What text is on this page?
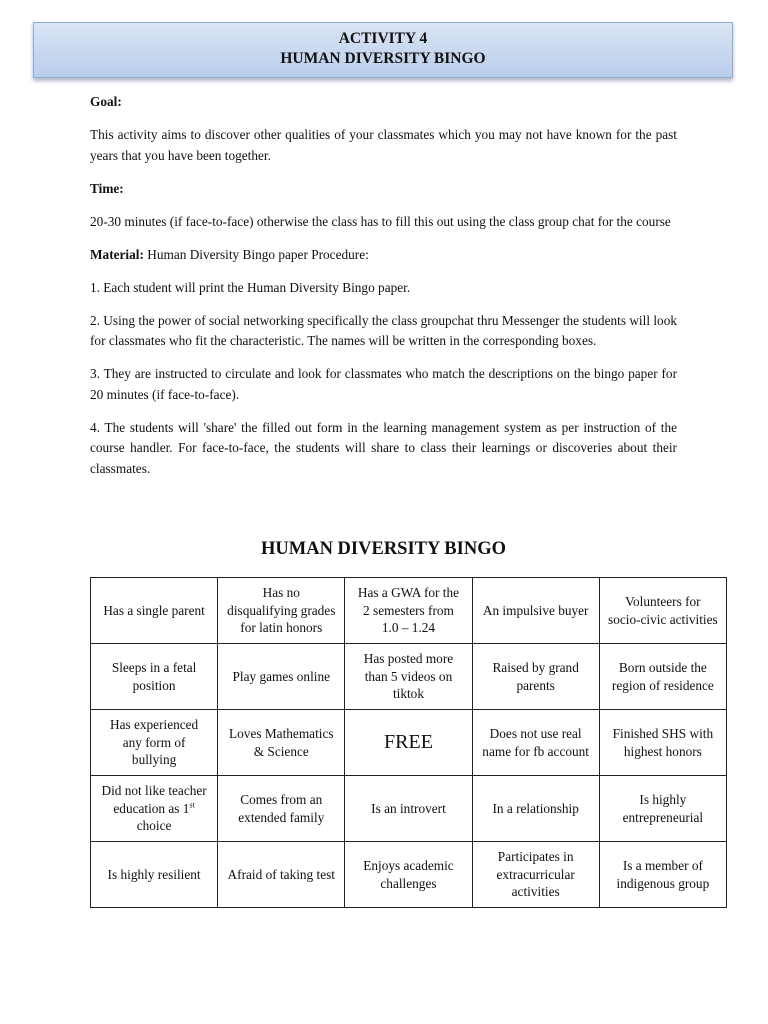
ACTIVITY 4
HUMAN DIVERSITY BINGO

Goal:

This activity aims to discover other qualities of your classmates which you may not have known for the past years that you have been together.

Time:

20-30 minutes (if face-to-face) otherwise the class has to fill this out using the class group chat for the course

Material: Human Diversity Bingo paper Procedure:

1. Each student will print the Human Diversity Bingo paper.

2. Using the power of social networking specifically the class groupchat thru Messenger the students will look for classmates who fit the characteristic. The names will be written in the corresponding boxes.

3. They are instructed to circulate and look for classmates who match the descriptions on the bingo paper for 20 minutes (if face-to-face).

4. The students will 'share' the filled out form in the learning management system as per instruction of the course handler. For face-to-face, the students will share to class their learnings or discoveries about their classmates.

HUMAN DIVERSITY BINGO
Has a single parent	Has no disqualifying grades for latin honors	Has a GWA for the 2 semesters from 1.0 – 1.24	An impulsive buyer	Volunteers for socio-civic activities
Sleeps in a fetal position	Play games online	Has posted more than 5 videos on tiktok	Raised by grand parents	Born outside the region of residence
Has experienced any form of bullying	Loves Mathematics & Science	FREE	Does not use real name for fb account	Finished SHS with highest honors
Did not like teacher education as 1st choice	Comes from an extended family	Is an introvert	In a relationship	Is highly entrepreneurial
Is highly resilient	Afraid of taking test	Enjoys academic challenges	Participates in extracurricular activities	Is a member of indigenous group
